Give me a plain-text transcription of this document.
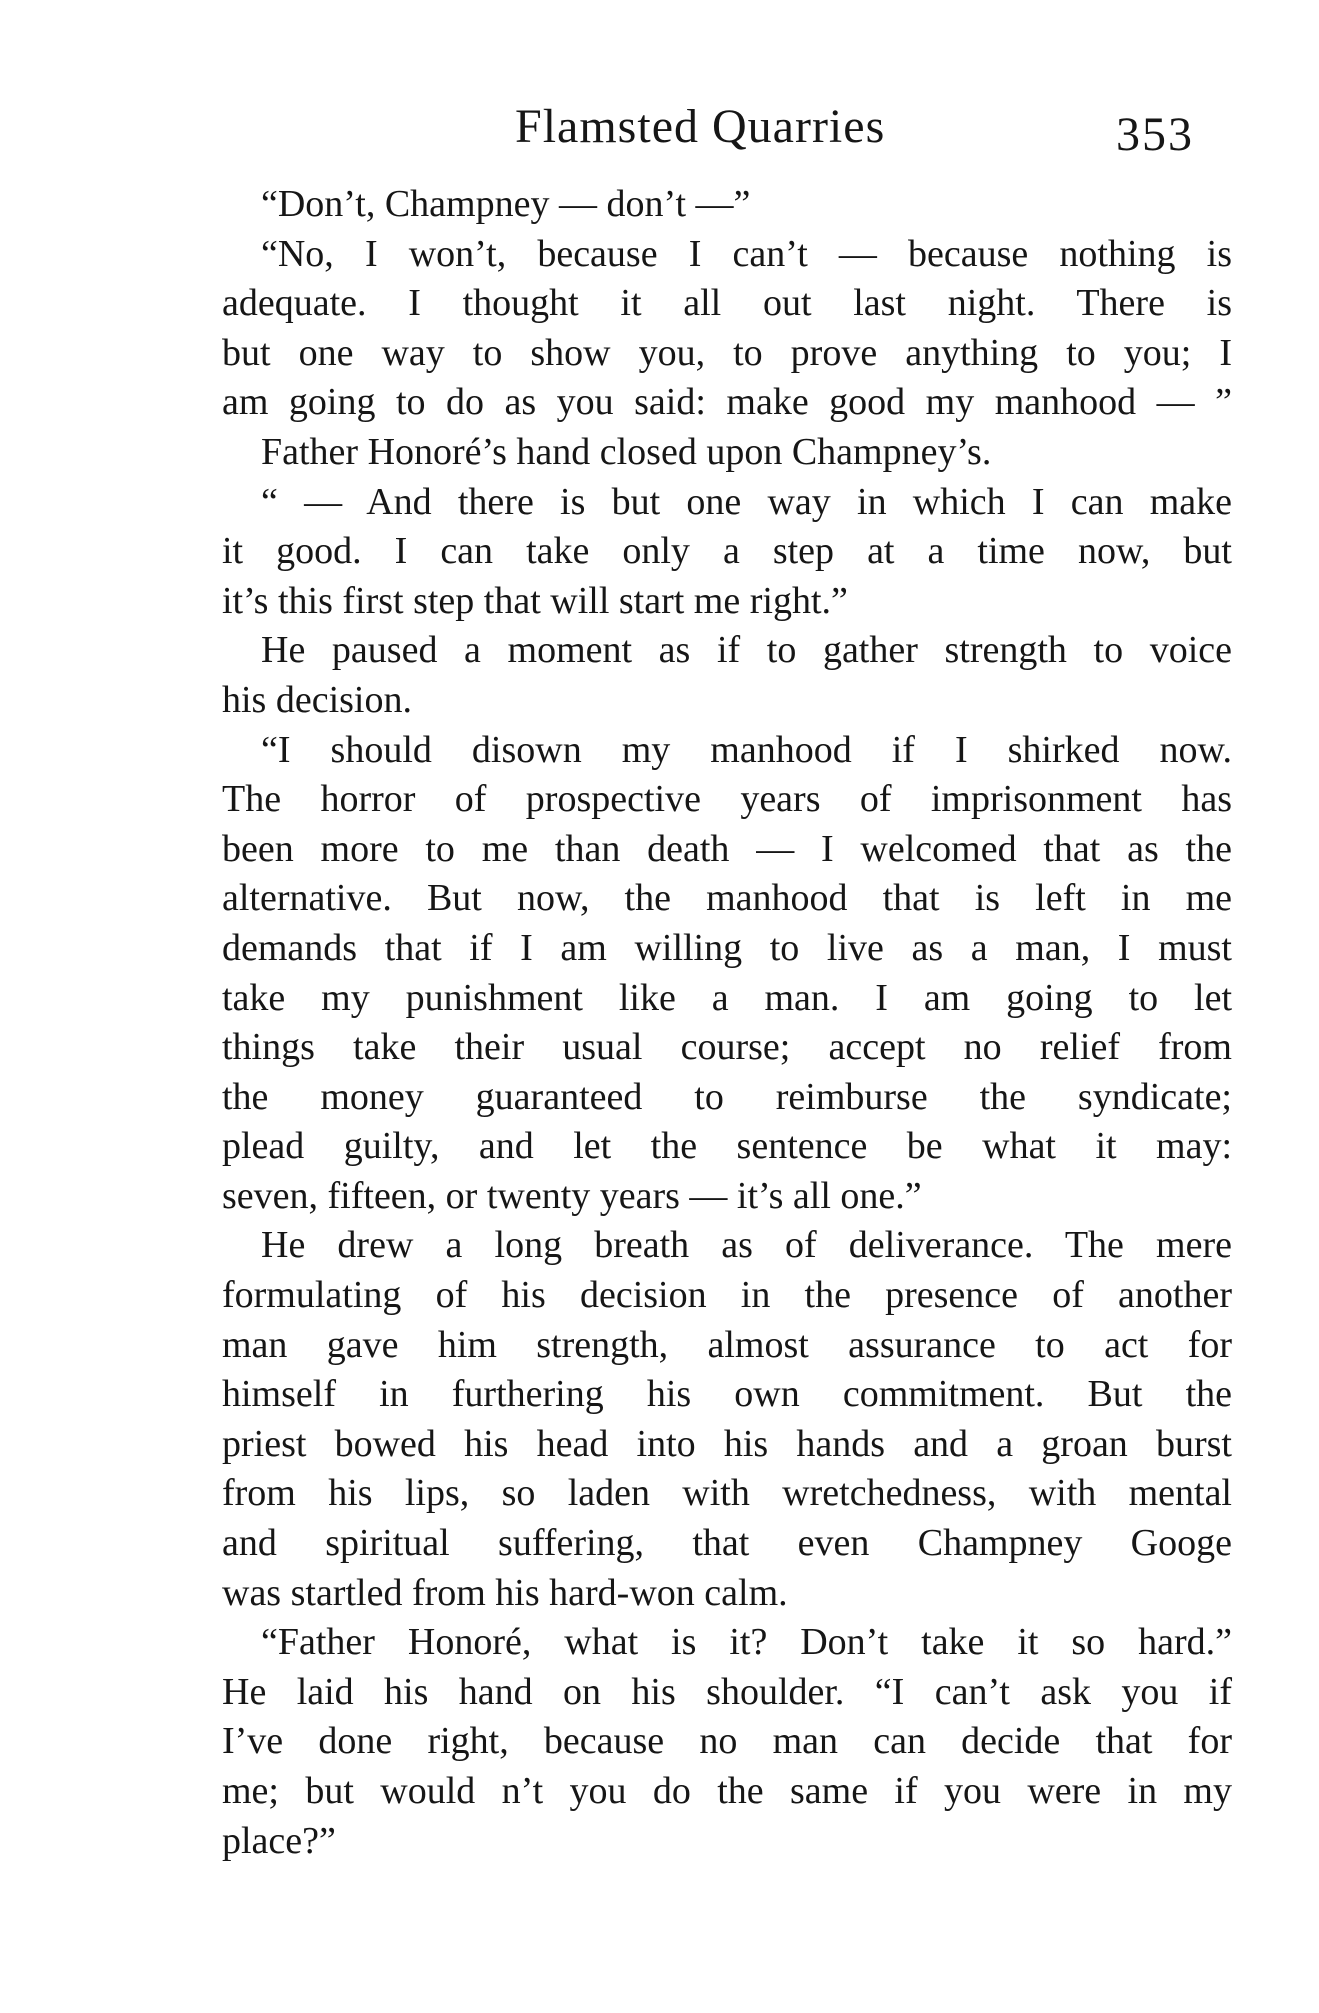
Flamsted Quarries	353
“Don’t, Champney — don’t —”
“No, I won’t, because I can’t — because nothing is
adequate. I thought it all out last night. There is
but one way to show you, to prove anything to you; I
am going to do as you said: make good my manhood — ”
Father Honoré’s hand closed upon Champney’s.
“ — And there is but one way in which I can make
it good. I can take only a step at a time now, but
it’s this first step that will start me right.”
He paused a moment as if to gather strength to voice
his decision.
“I should disown my manhood if I shirked now.
The horror of prospective years of imprisonment has
been more to me than death — I welcomed that as the
alternative. But now, the manhood that is left in me
demands that if I am willing to live as a man, I must
take my punishment like a man. I am going to let
things take their usual course; accept no relief from
the money guaranteed to reimburse the syndicate;
plead guilty, and let the sentence be what it may:
seven, fifteen, or twenty years — it’s all one.”
He drew a long breath as of deliverance. The mere
formulating of his decision in the presence of another
man gave him strength, almost assurance to act for
himself in furthering his own commitment. But the
priest bowed his head into his hands and a groan burst
from his lips, so laden with wretchedness, with mental
and spiritual suffering, that even Champney Googe
was startled from his hard-won calm.
“Father Honoré, what is it? Don’t take it so hard.”
He laid his hand on his shoulder. “I can’t ask you if
I’ve done right, because no man can decide that for
me; but would n’t you do the same if you were in my
place?”
